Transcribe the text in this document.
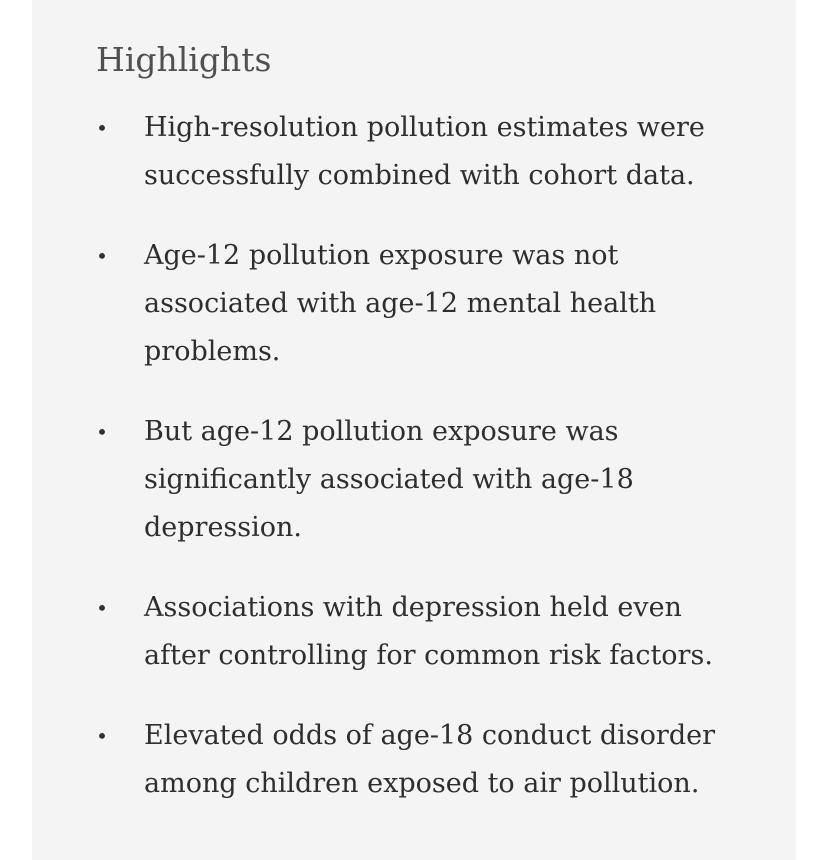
Highlights
• High-resolution pollution estimates were successfully combined with cohort data.
• Age-12 pollution exposure was not associated with age-12 mental health problems.
• But age-12 pollution exposure was significantly associated with age-18 depression.
• Associations with depression held even after controlling for common risk factors.
• Elevated odds of age-18 conduct disorder among children exposed to air pollution.
